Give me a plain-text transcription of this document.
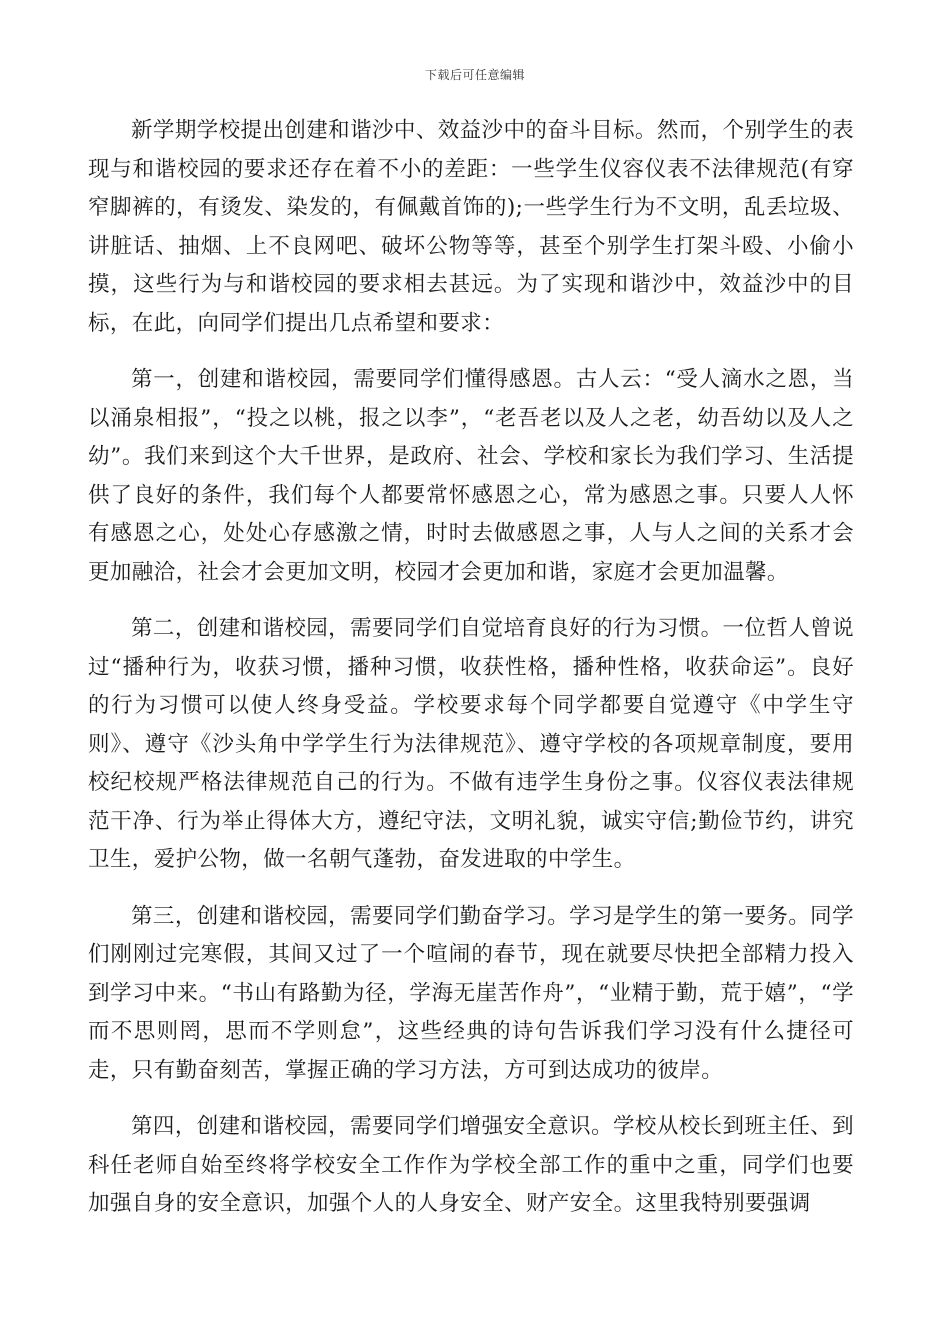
下载后可任意编辑

新学期学校提出创建和谐沙中、效益沙中的奋斗目标。然而，个别学生的表现与和谐校园的要求还存在着不小的差距：一些学生仪容仪表不法律规范(有穿窄脚裤的，有烫发、染发的，有佩戴首饰的);一些学生行为不文明，乱丢垃圾、讲脏话、抽烟、上不良网吧、破坏公物等等，甚至个别学生打架斗殴、小偷小摸，这些行为与和谐校园的要求相去甚远。为了实现和谐沙中，效益沙中的目标，在此，向同学们提出几点希望和要求：

第一，创建和谐校园，需要同学们懂得感恩。古人云：“受人滴水之恩，当以涌泉相报”，“投之以桃，报之以李”，“老吾老以及人之老，幼吾幼以及人之幼”。我们来到这个大千世界，是政府、社会、学校和家长为我们学习、生活提供了良好的条件，我们每个人都要常怀感恩之心，常为感恩之事。只要人人怀有感恩之心，处处心存感激之情，时时去做感恩之事，人与人之间的关系才会更加融洽，社会才会更加文明，校园才会更加和谐，家庭才会更加温馨。

第二，创建和谐校园，需要同学们自觉培育良好的行为习惯。一位哲人曾说过“播种行为，收获习惯，播种习惯，收获性格，播种性格，收获命运”。良好的行为习惯可以使人终身受益。学校要求每个同学都要自觉遵守《中学生守则》、遵守《沙头角中学学生行为法律规范》、遵守学校的各项规章制度，要用校纪校规严格法律规范自己的行为。不做有违学生身份之事。仪容仪表法律规范干净、行为举止得体大方，遵纪守法，文明礼貌，诚实守信;勤俭节约，讲究卫生，爱护公物，做一名朝气蓬勃，奋发进取的中学生。

第三，创建和谐校园，需要同学们勤奋学习。学习是学生的第一要务。同学们刚刚过完寒假，其间又过了一个喧闹的春节，现在就要尽快把全部精力投入到学习中来。“书山有路勤为径，学海无崖苦作舟”，“业精于勤，荒于嬉”，“学而不思则罔，思而不学则怠”，这些经典的诗句告诉我们学习没有什么捷径可走，只有勤奋刻苦，掌握正确的学习方法，方可到达成功的彼岸。

第四，创建和谐校园，需要同学们增强安全意识。学校从校长到班主任、到科任老师自始至终将学校安全工作作为学校全部工作的重中之重，同学们也要加强自身的安全意识，加强个人的人身安全、财产安全。这里我特别要强调
